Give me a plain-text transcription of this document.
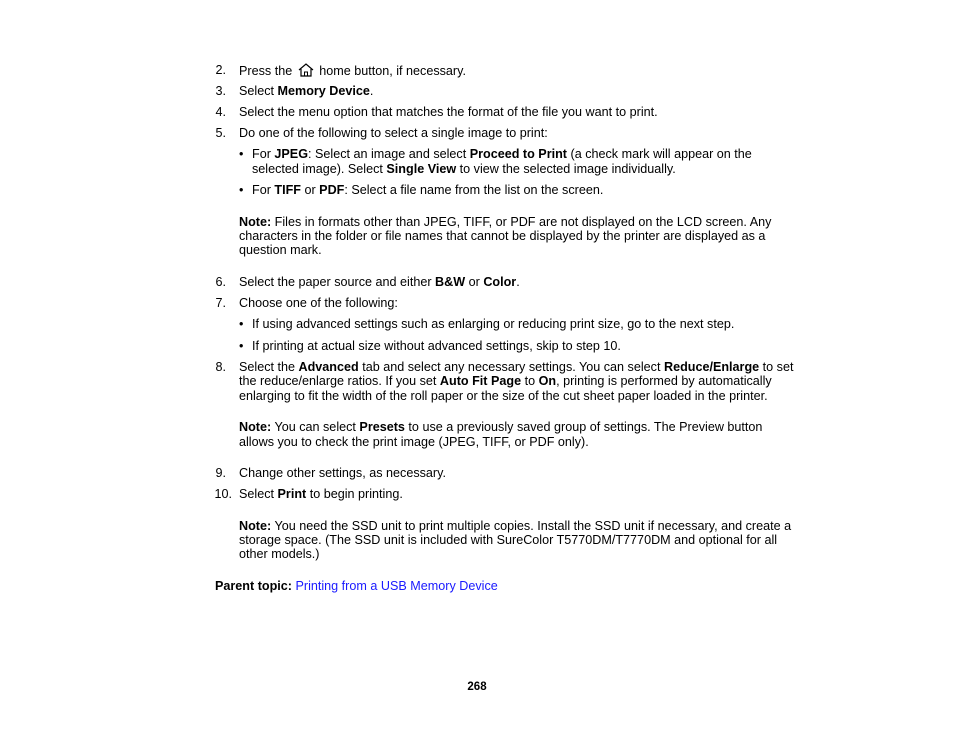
2. Press the home button, if necessary.
3. Select Memory Device.
4. Select the menu option that matches the format of the file you want to print.
5. Do one of the following to select a single image to print:
• For JPEG: Select an image and select Proceed to Print (a check mark will appear on the
selected image). Select Single View to view the selected image individually.
• For TIFF or PDF: Select a file name from the list on the screen.
Note: Files in formats other than JPEG, TIFF, or PDF are not displayed on the LCD screen. Any
characters in the folder or file names that cannot be displayed by the printer are displayed as a
question mark.
6. Select the paper source and either B&W or Color.
7. Choose one of the following:
• If using advanced settings such as enlarging or reducing print size, go to the next step.
• If printing at actual size without advanced settings, skip to step 10.
8. Select the Advanced tab and select any necessary settings. You can select Reduce/Enlarge to set
the reduce/enlarge ratios. If you set Auto Fit Page to On, printing is performed by automatically
enlarging to fit the width of the roll paper or the size of the cut sheet paper loaded in the printer.
Note: You can select Presets to use a previously saved group of settings. The Preview button
allows you to check the print image (JPEG, TIFF, or PDF only).
9. Change other settings, as necessary.
10. Select Print to begin printing.
Note: You need the SSD unit to print multiple copies. Install the SSD unit if necessary, and create a
storage space. (The SSD unit is included with SureColor T5770DM/T7770DM and optional for all
other models.)
Parent topic: Printing from a USB Memory Device
268
